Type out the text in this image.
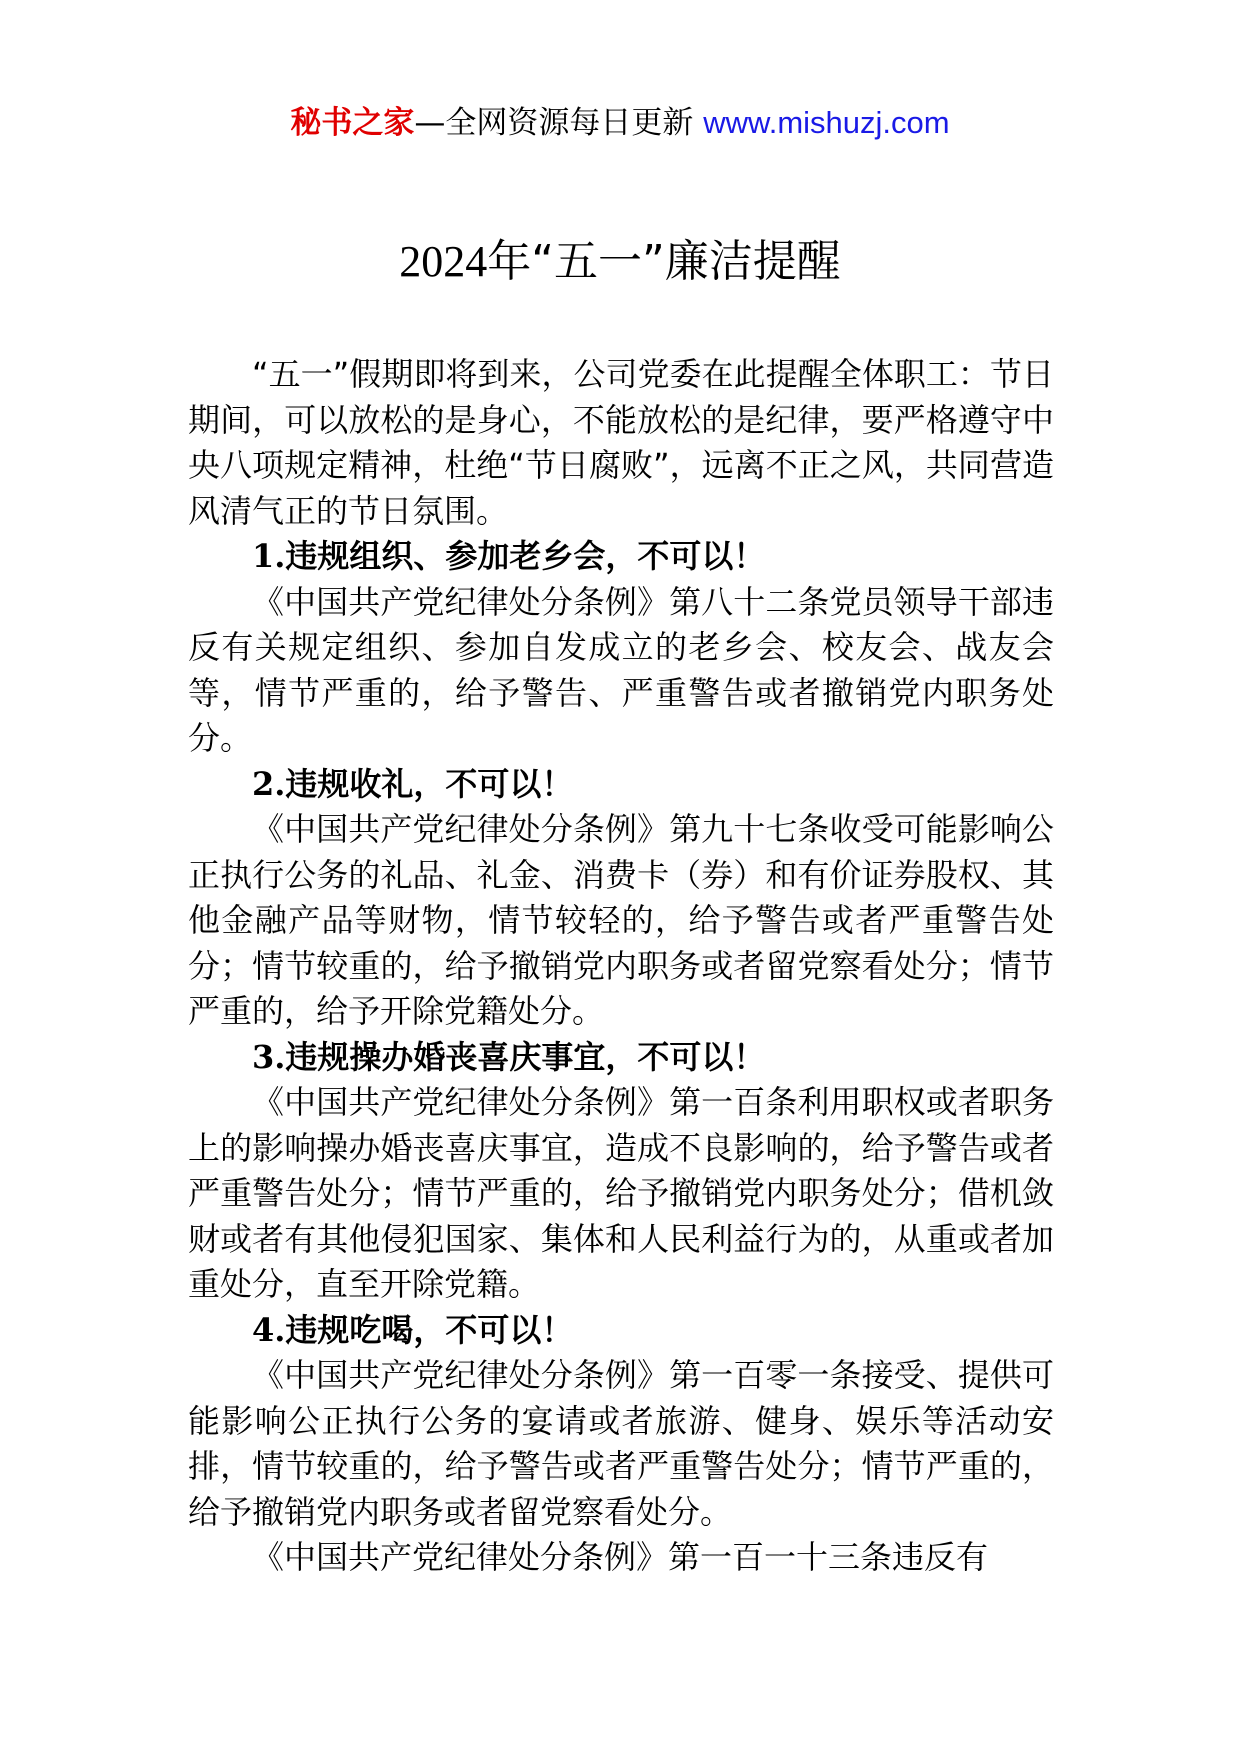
秘书之家—全网资源每日更新 www.mishuzj.com
2024年“五一”廉洁提醒

“五一”假期即将到来，公司党委在此提醒全体职工：节日期间，可以放松的是身心，不能放松的是纪律，要严格遵守中央八项规定精神，杜绝“节日腐败”，远离不正之风，共同营造风清气正的节日氛围。

1.违规组织、参加老乡会，不可以！

《中国共产党纪律处分条例》第八十二条党员领导干部违反有关规定组织、参加自发成立的老乡会、校友会、战友会等，情节严重的，给予警告、严重警告或者撤销党内职务处分。

2.违规收礼，不可以！

《中国共产党纪律处分条例》第九十七条收受可能影响公正执行公务的礼品、礼金、消费卡（券）和有价证券股权、其他金融产品等财物，情节较轻的，给予警告或者严重警告处分；情节较重的，给予撤销党内职务或者留党察看处分；情节严重的，给予开除党籍处分。

3.违规操办婚丧喜庆事宜，不可以！

《中国共产党纪律处分条例》第一百条利用职权或者职务上的影响操办婚丧喜庆事宜，造成不良影响的，给予警告或者严重警告处分；情节严重的，给予撤销党内职务处分；借机敛财或者有其他侵犯国家、集体和人民利益行为的，从重或者加重处分，直至开除党籍。

4.违规吃喝，不可以！

《中国共产党纪律处分条例》第一百零一条接受、提供可能影响公正执行公务的宴请或者旅游、健身、娱乐等活动安排，情节较重的，给予警告或者严重警告处分；情节严重的，给予撤销党内职务或者留党察看处分。

《中国共产党纪律处分条例》第一百一十三条违反有
